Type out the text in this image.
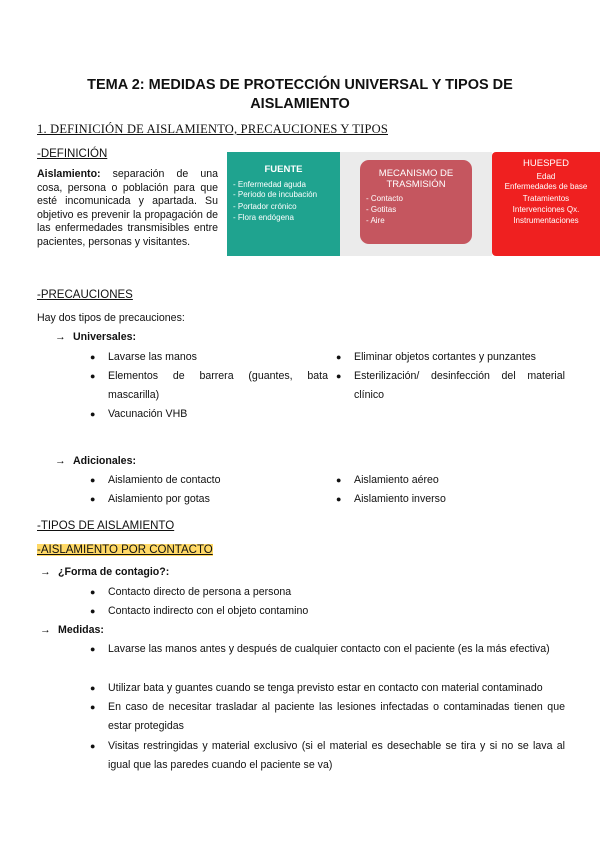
TEMA 2: MEDIDAS DE PROTECCIÓN UNIVERSAL Y TIPOS DE
AISLAMIENTO
1. DEFINICIÓN DE AISLAMIENTO, PRECAUCIONES Y TIPOS
-DEFINICIÓN
Aislamiento: separación de una cosa, persona o población para que esté incomunicada y apartada. Su objetivo es prevenir la propagación de las enfermedades transmisibles entre pacientes, personas y visitantes.
FUENTE
- Enfermedad aguda
- Periodo de incubación
- Portador crónico
- Flora endógena
MECANISMO DE TRASMISIÓN
- Contacto
- Gotitas
- Aire
HUESPED
Edad
Enfermedades de base
Tratamientos
Intervenciones Qx.
Instrumentaciones
-PRECAUCIONES
Hay dos tipos de precauciones:
→ Universales:
● Lavarse las manos
● Elementos de barrera (guantes, bata mascarilla)
● Vacunación VHB
● Eliminar objetos cortantes y punzantes
● Esterilización/ desinfección del material clínico
→ Adicionales:
● Aislamiento de contacto
● Aislamiento por gotas
● Aislamiento aéreo
● Aislamiento inverso
-TIPOS DE AISLAMIENTO
-AISLAMIENTO POR CONTACTO
→ ¿Forma de contagio?:
● Contacto directo de persona a persona
● Contacto indirecto con el objeto contamino
→ Medidas:
● Lavarse las manos antes y después de cualquier contacto con el paciente (es la más efectiva)
● Utilizar bata y guantes cuando se tenga previsto estar en contacto con material contaminado
● En caso de necesitar trasladar al paciente las lesiones infectadas o contaminadas tienen que estar protegidas
● Visitas restringidas y material exclusivo (si el material es desechable se tira y si no se lava al igual que las paredes cuando el paciente se va)
